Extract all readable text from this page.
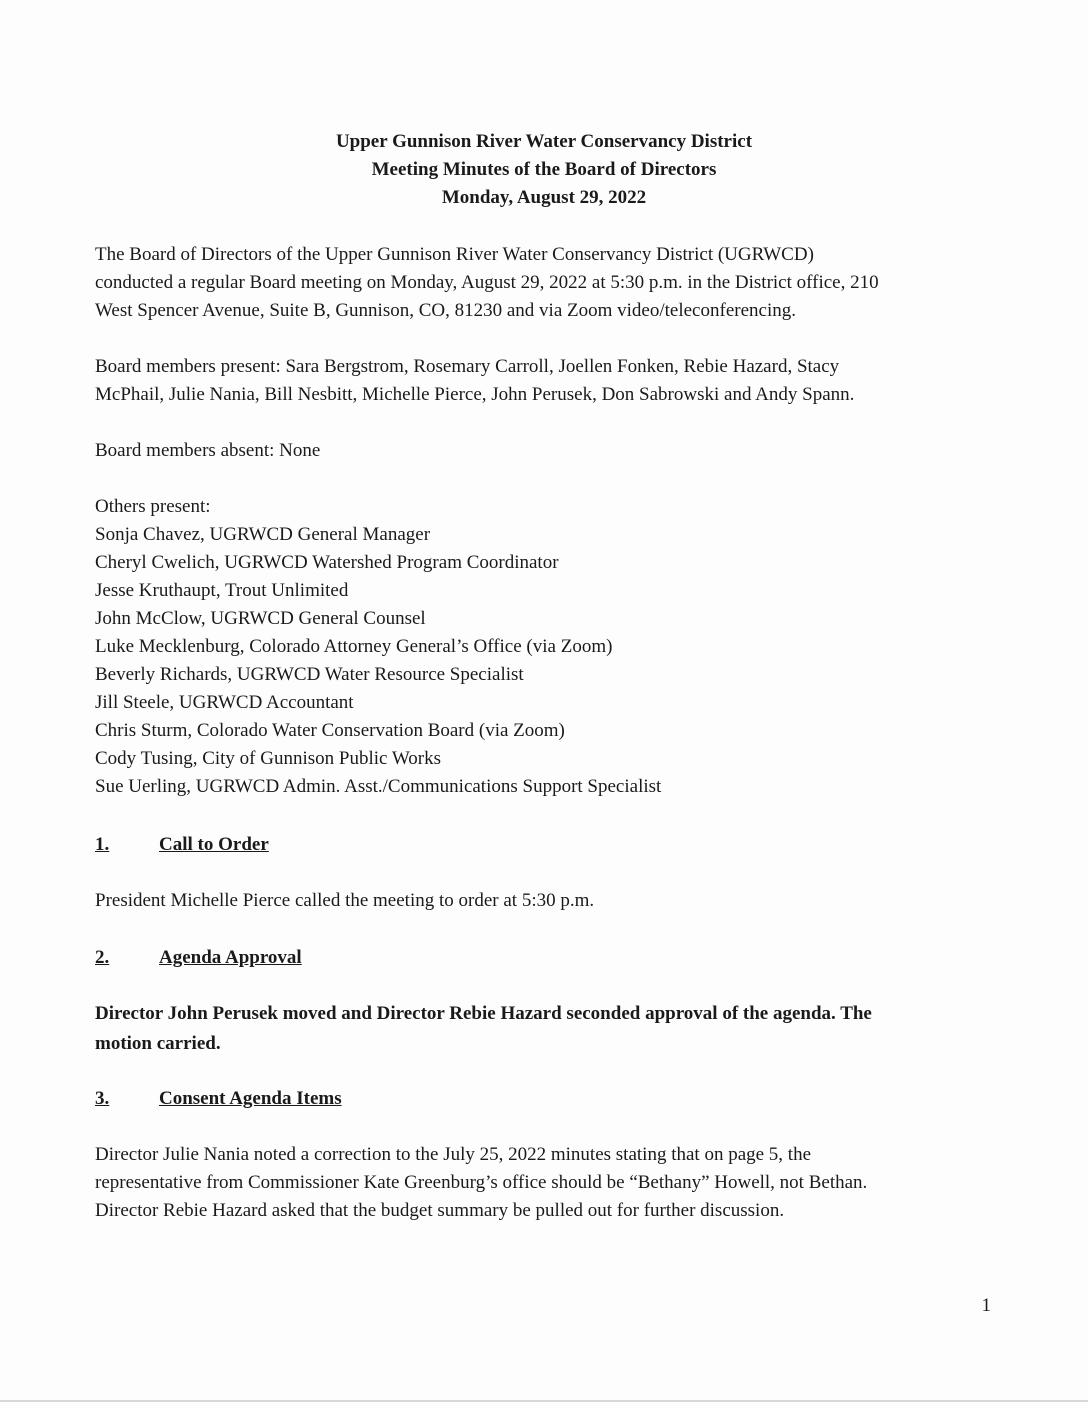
Upper Gunnison River Water Conservancy District
Meeting Minutes of the Board of Directors
Monday, August 29, 2022
The Board of Directors of the Upper Gunnison River Water Conservancy District (UGRWCD)
conducted a regular Board meeting on Monday, August 29, 2022 at 5:30 p.m. in the District office, 210
West Spencer Avenue, Suite B, Gunnison, CO, 81230 and via Zoom video/teleconferencing.
Board members present: Sara Bergstrom, Rosemary Carroll, Joellen Fonken, Rebie Hazard, Stacy
McPhail, Julie Nania, Bill Nesbitt, Michelle Pierce, John Perusek, Don Sabrowski and Andy Spann.
Board members absent: None
Others present:
Sonja Chavez, UGRWCD General Manager
Cheryl Cwelich, UGRWCD Watershed Program Coordinator
Jesse Kruthaupt, Trout Unlimited
John McClow, UGRWCD General Counsel
Luke Mecklenburg, Colorado Attorney General’s Office (via Zoom)
Beverly Richards, UGRWCD Water Resource Specialist
Jill Steele, UGRWCD Accountant
Chris Sturm, Colorado Water Conservation Board (via Zoom)
Cody Tusing, City of Gunnison Public Works
Sue Uerling, UGRWCD Admin. Asst./Communications Support Specialist
1.	Call to Order
President Michelle Pierce called the meeting to order at 5:30 p.m.
2.	Agenda Approval
Director John Perusek moved and Director Rebie Hazard seconded approval of the agenda. The
motion carried.
3.	Consent Agenda Items
Director Julie Nania noted a correction to the July 25, 2022 minutes stating that on page 5, the
representative from Commissioner Kate Greenburg’s office should be “Bethany” Howell, not Bethan.
Director Rebie Hazard asked that the budget summary be pulled out for further discussion.
1
